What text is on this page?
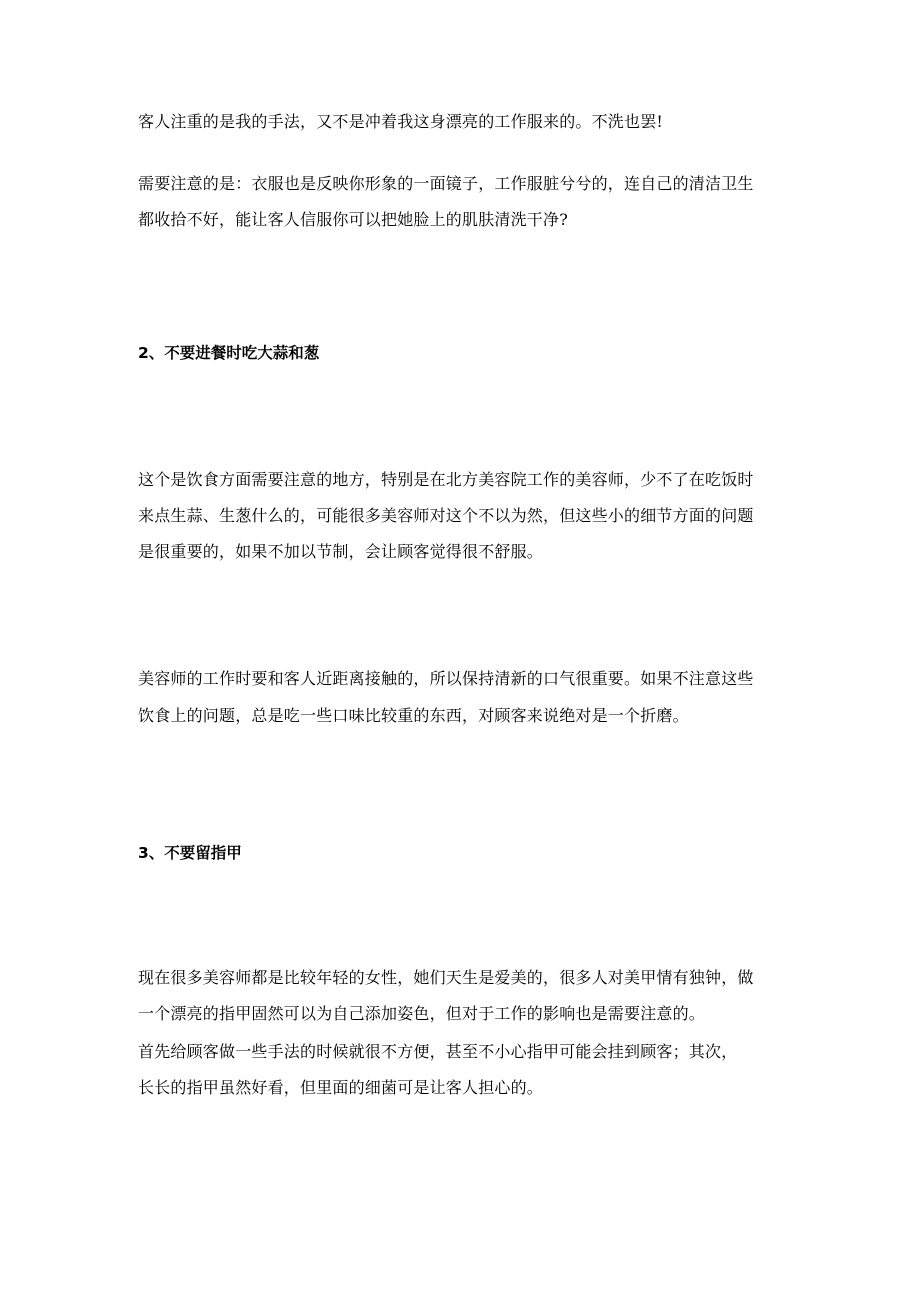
客人注重的是我的手法，又不是冲着我这身漂亮的工作服来的。不洗也罢!
需要注意的是：衣服也是反映你形象的一面镜子，工作服脏兮兮的，连自己的清洁卫生
都收拾不好，能让客人信服你可以把她脸上的肌肤清洗干净?
2、不要进餐时吃大蒜和葱
这个是饮食方面需要注意的地方，特别是在北方美容院工作的美容师，少不了在吃饭时
来点生蒜、生葱什么的，可能很多美容师对这个不以为然，但这些小的细节方面的问题
是很重要的，如果不加以节制，会让顾客觉得很不舒服。
美容师的工作时要和客人近距离接触的，所以保持清新的口气很重要。如果不注意这些
饮食上的问题，总是吃一些口味比较重的东西，对顾客来说绝对是一个折磨。
3、不要留指甲
现在很多美容师都是比较年轻的女性，她们天生是爱美的，很多人对美甲情有独钟，做
一个漂亮的指甲固然可以为自己添加姿色，但对于工作的影响也是需要注意的。
首先给顾客做一些手法的时候就很不方便，甚至不小心指甲可能会挂到顾客；其次，
长长的指甲虽然好看，但里面的细菌可是让客人担心的。
